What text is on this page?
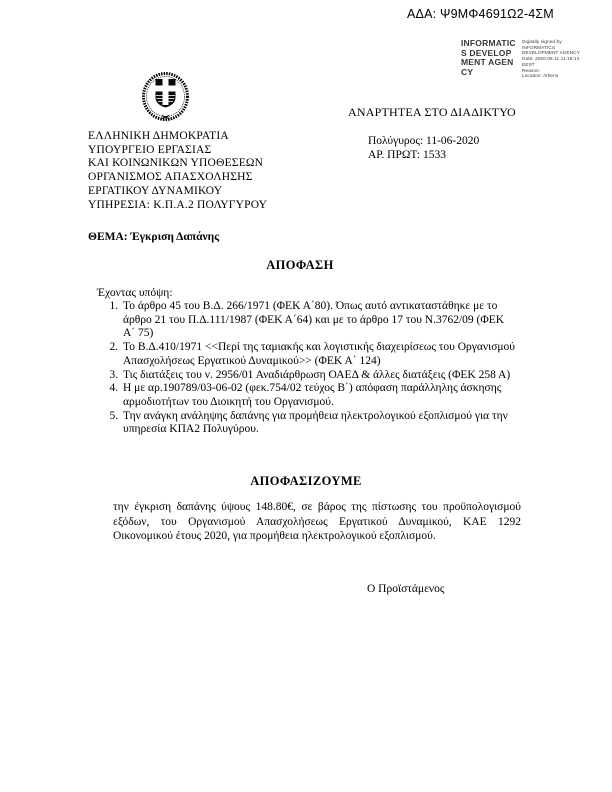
ΑΔΑ: Ψ9ΜΦ4691Ω2-4ΣΜ
INFORMATICS DEVELOPMENT AGENCY
Digitally signed by
INFORMATICS
DEVELOPMENT AGENCY
Date: 2020.06.11 11:18:13
EEST
Reason:
Location: Athens
ΕΛΛΗΝΙΚΗ ΔΗΜΟΚΡΑΤΙΑ
ΥΠΟΥΡΓΕΙΟ ΕΡΓΑΣΙΑΣ
ΚΑΙ ΚΟΙΝΩΝΙΚΩΝ ΥΠΟΘΕΣΕΩΝ
ΟΡΓΑΝΙΣΜΟΣ ΑΠΑΣΧΟΛΗΣΗΣ
ΕΡΓΑΤΙΚΟΥ ΔΥΝΑΜΙΚΟΥ
ΥΠΗΡΕΣΙΑ: Κ.Π.Α.2 ΠΟΛΥΓΥΡΟΥ
ΑΝΑΡΤΗΤΕΑ ΣΤΟ ΔΙΑΔΙΚΤΥΟ
Πολύγυρος: 11-06-2020
ΑΡ. ΠΡΩΤ: 1533
ΘΕΜΑ: Έγκριση Δαπάνης
ΑΠΟΦΑΣΗ
Έχοντας υπόψη:
1. Το άρθρο 45 του Β.Δ. 266/1971 (ΦΕΚ Α΄80). Όπως αυτό αντικαταστάθηκε με το άρθρο 21 του Π.Δ.111/1987 (ΦΕΚ Α΄64) και με το άρθρο 17 του Ν.3762/09 (ΦΕΚ Α΄ 75)
2. Το Β.Δ.410/1971 <<Περί της ταμιακής και λογιστικής διαχειρίσεως του Οργανισμού Απασχολήσεως Εργατικού Δυναμικού>> (ΦΕΚ Α΄ 124)
3. Τις διατάξεις του ν. 2956/01 Αναδιάρθρωση ΟΑΕΔ & άλλες διατάξεις (ΦΕΚ 258 Α)
4. Η με αρ.190789/03-06-02 (φεκ.754/02 τεύχος Β΄) απόφαση παράλληλης άσκησης αρμοδιοτήτων του Διοικητή του Οργανισμού.
5. Την ανάγκη ανάληψης δαπάνης για προμήθεια ηλεκτρολογικού εξοπλισμού για την υπηρεσία ΚΠΑ2 Πολυγύρου.
ΑΠΟΦΑΣΙΖΟΥΜΕ
την έγκριση δαπάνης ύψους 148.80€, σε βάρος της πίστωσης του προϋπολογισμού εξόδων, του Οργανισμού Απασχολήσεως Εργατικού Δυναμικού, ΚΑΕ 1292 Οικονομικού έτους 2020, για προμήθεια ηλεκτρολογικού εξοπλισμού.
Ο Προϊστάμενος
